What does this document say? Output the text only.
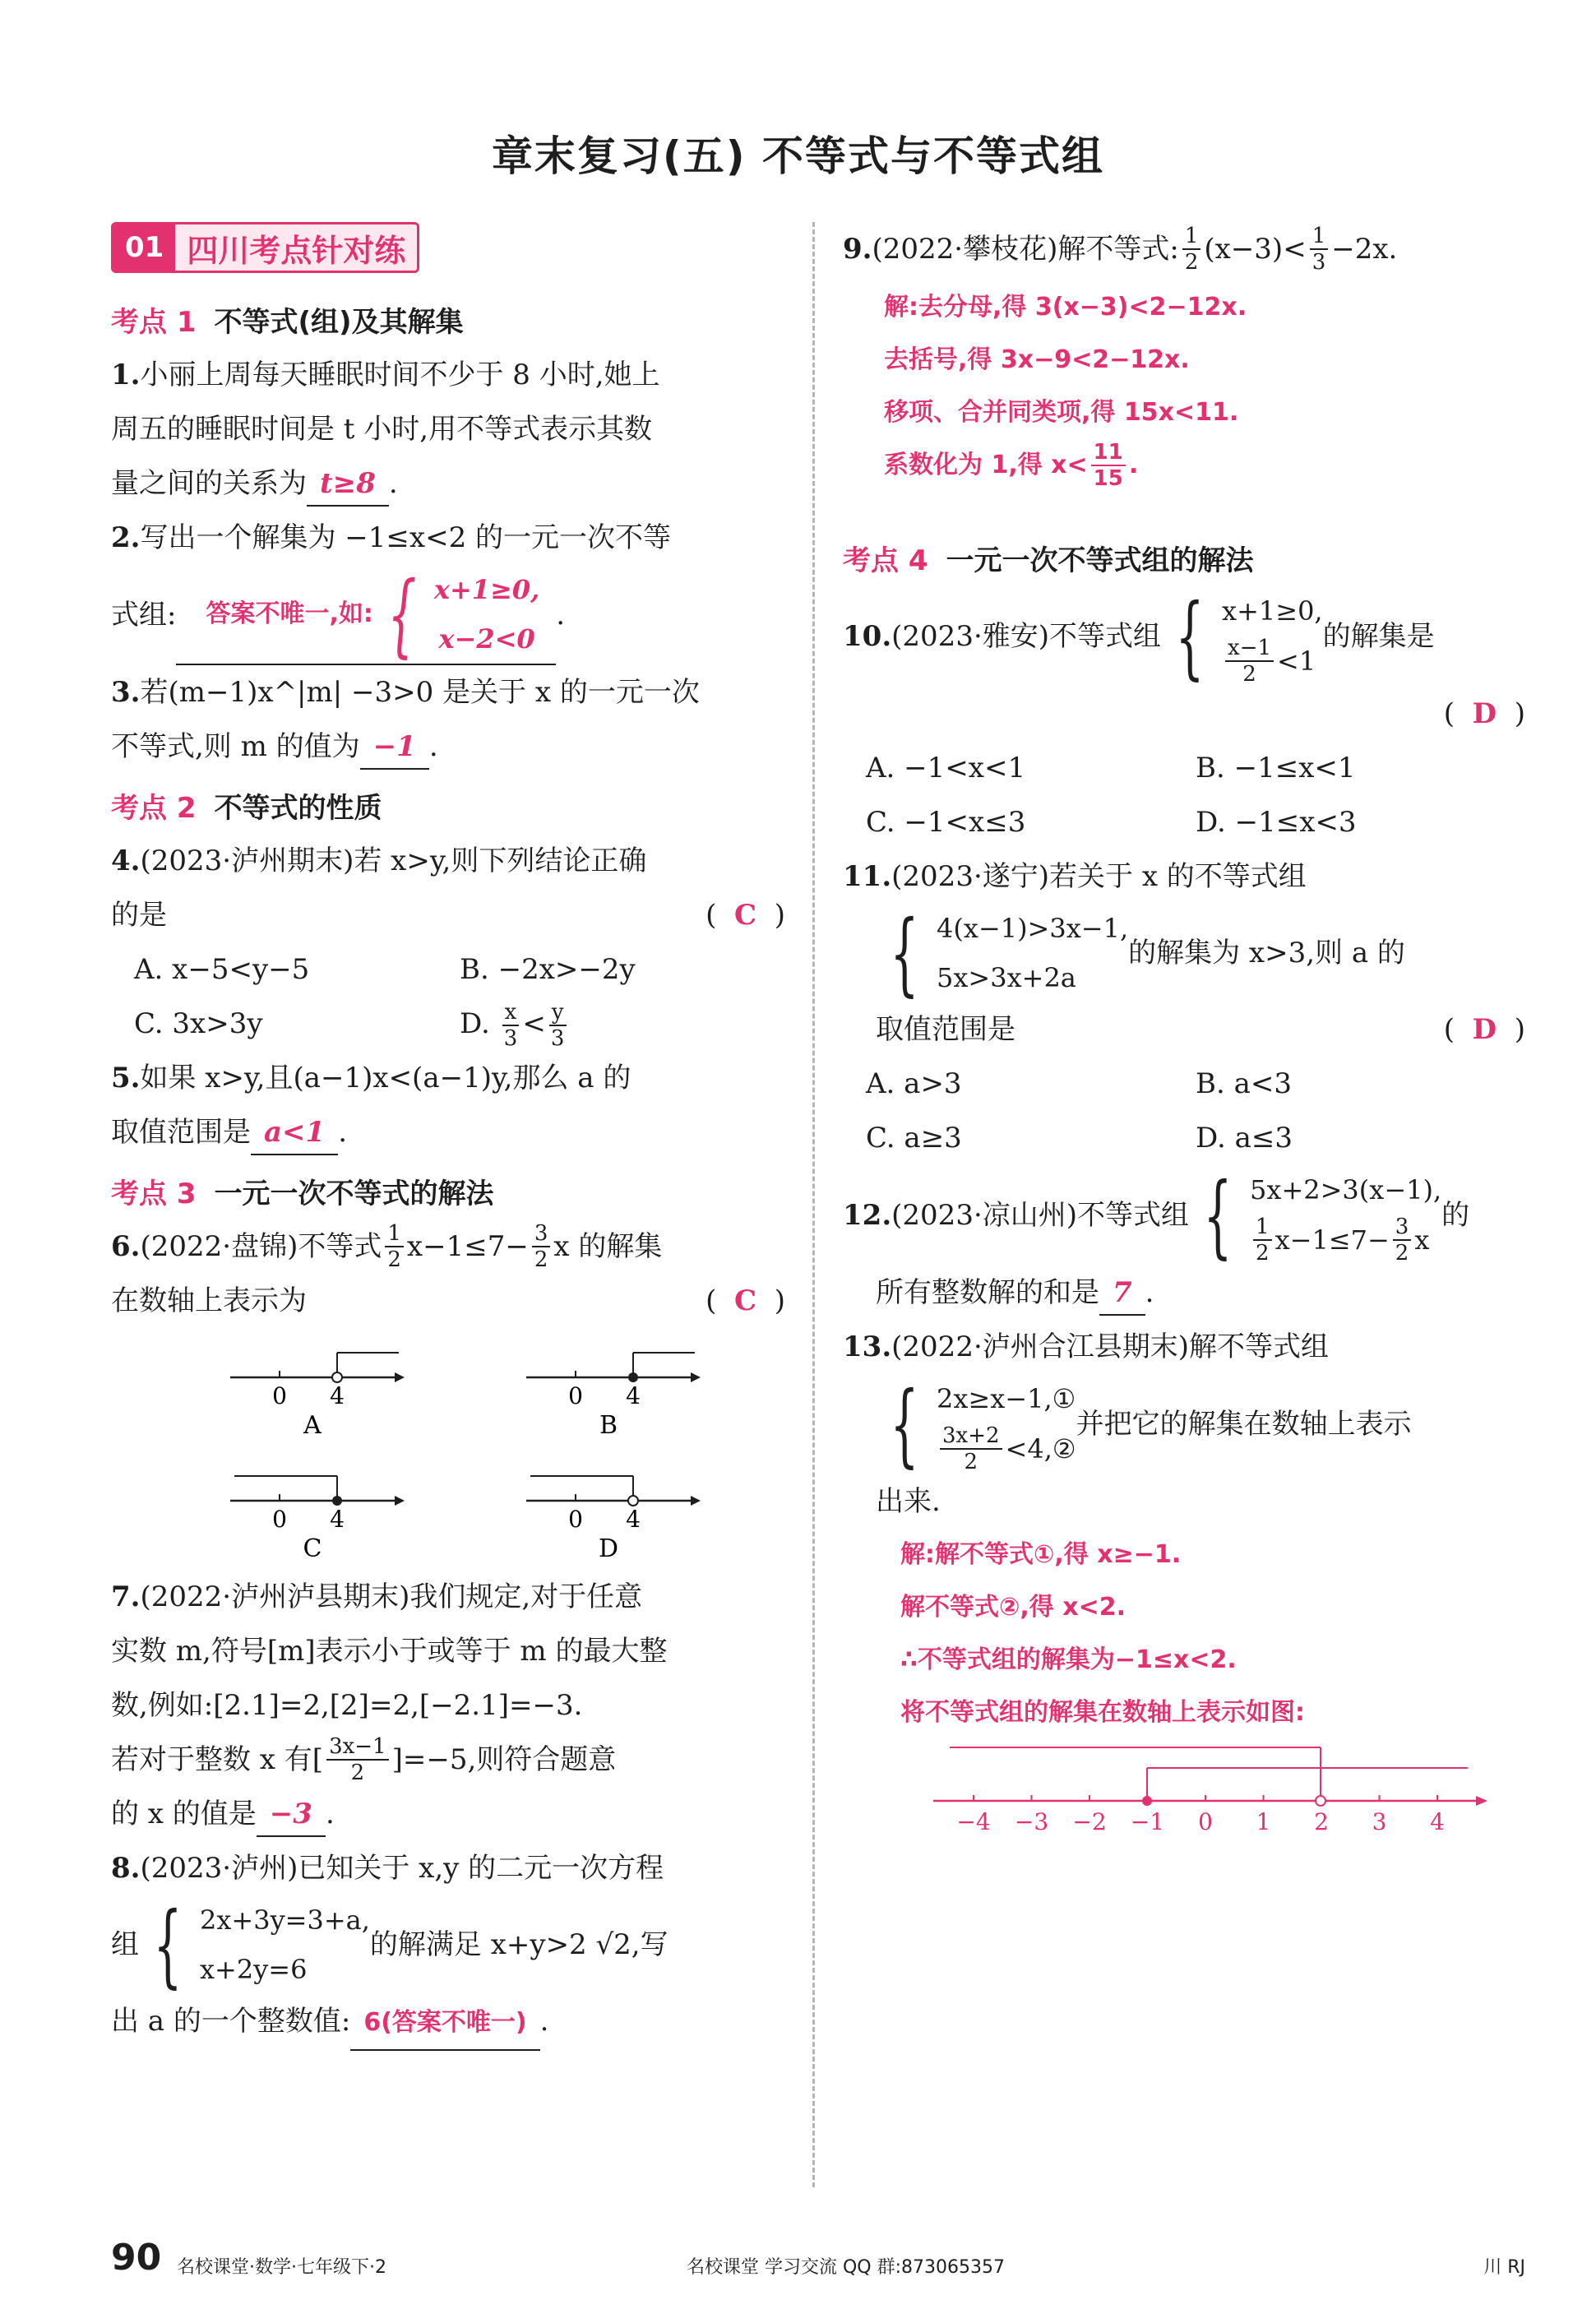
章末复习(五) 不等式与不等式组
01 四川考点针对练
考点 1 不等式(组)及其解集
1.小丽上周每天睡眠时间不少于 8 小时,她上
周五的睡眠时间是 t 小时,用不等式表示其数
量之间的关系为 t≥8 .
2.写出一个解集为 −1≤x<2 的一元一次不等
式组: 答案不唯一,如: { x+1≥0,
x−2<0
.
3.若(m−1)x^|m| −3>0 是关于 x 的一元一次
不等式,则 m 的值为 −1 .
考点 2 不等式的性质
4.(2023·泸州期末)若 x>y,则下列结论正确
的是	(  C  )
A. x−5<y−5	B. −2x>−2y
C. 3x>3y	D. $\frac{x}{3} < \frac{y}{3}$
5.如果 x>y,且(a−1)x<(a−1)y,那么 a 的
取值范围是 a<1 .
考点 3 一元一次不等式的解法
6. (2022·盘锦)不等式 $\frac{1}{2} x-1\le 7- \frac{3}{2}$ x 的解集
在数轴上表示为	(  C  )
0 4
A
0 4
B
0 4
C
0 4
D
7.(2022·泸州泸县期末)我们规定,对于任意
实数 m,符号[m]表示小于或等于 m 的最大整
数,例如:[2.1]=2,[2]=2,[−2.1]=−3.
若对于整数 x 有[ $\frac{3x-1}{2} ]=-5$,则符合题意
的 x 的值是 −3 .
8.(2023·泸州)已知关于 x,y 的二元一次方程
组 { 2x+3y=3+a,
x+2y=6
的解满足 x+y>2 √2,写
出 a 的一个整数值: 6(答案不唯一) .
9. (2022·攀枝花)解不等式: $\frac{1}{2} (x-3)< \frac{1}{3} -2x$.
解:去分母,得 3(x−3)<2−12x.
去括号,得 3x−9<2−12x.
移项、合并同类项,得 15x<11.
系数化为 1,得 $x< \frac{11}{15}$ .
考点 4 一元一次不等式组的解法
10. (2023·雅安)不等式组 { x+1≥0,
$\frac{x-1}{2} <1$
的解集是
(  D  )
A. −1<x<1	B. −1≤x<1
C. −1<x≤3	D. −1≤x<3
11.(2023·遂宁)若关于 x 的不等式组
{ 4(x−1)>3x−1,
5x>3x+2a
的解集为 x>3,则 a 的
取值范围是	(  D  )
A. a>3	B. a<3
C. a≥3	D. a≤3
12. (2023·凉山州)不等式组 { 5x+2>3(x−1),
$\frac{1}{2} x-1\le 7- \frac{3}{2}$ x
的
所有整数解的和是 7 .
13.(2022·泸州合江县期末)解不等式组
{ 2x≥x−1,①
$\frac{3x+2}{2}$ <4,②
并把它的解集在数轴上表示
出来.
解:解不等式①,得 x≥−1.
解不等式②,得 x<2.
∴不等式组的解集为−1≤x<2.
将不等式组的解集在数轴上表示如图:
−4 −3 −2 −1 0 1 2 3 4
90 名校课堂·数学·七年级下·2	名校课堂 学习交流 QQ 群:873065357	川 RJ
